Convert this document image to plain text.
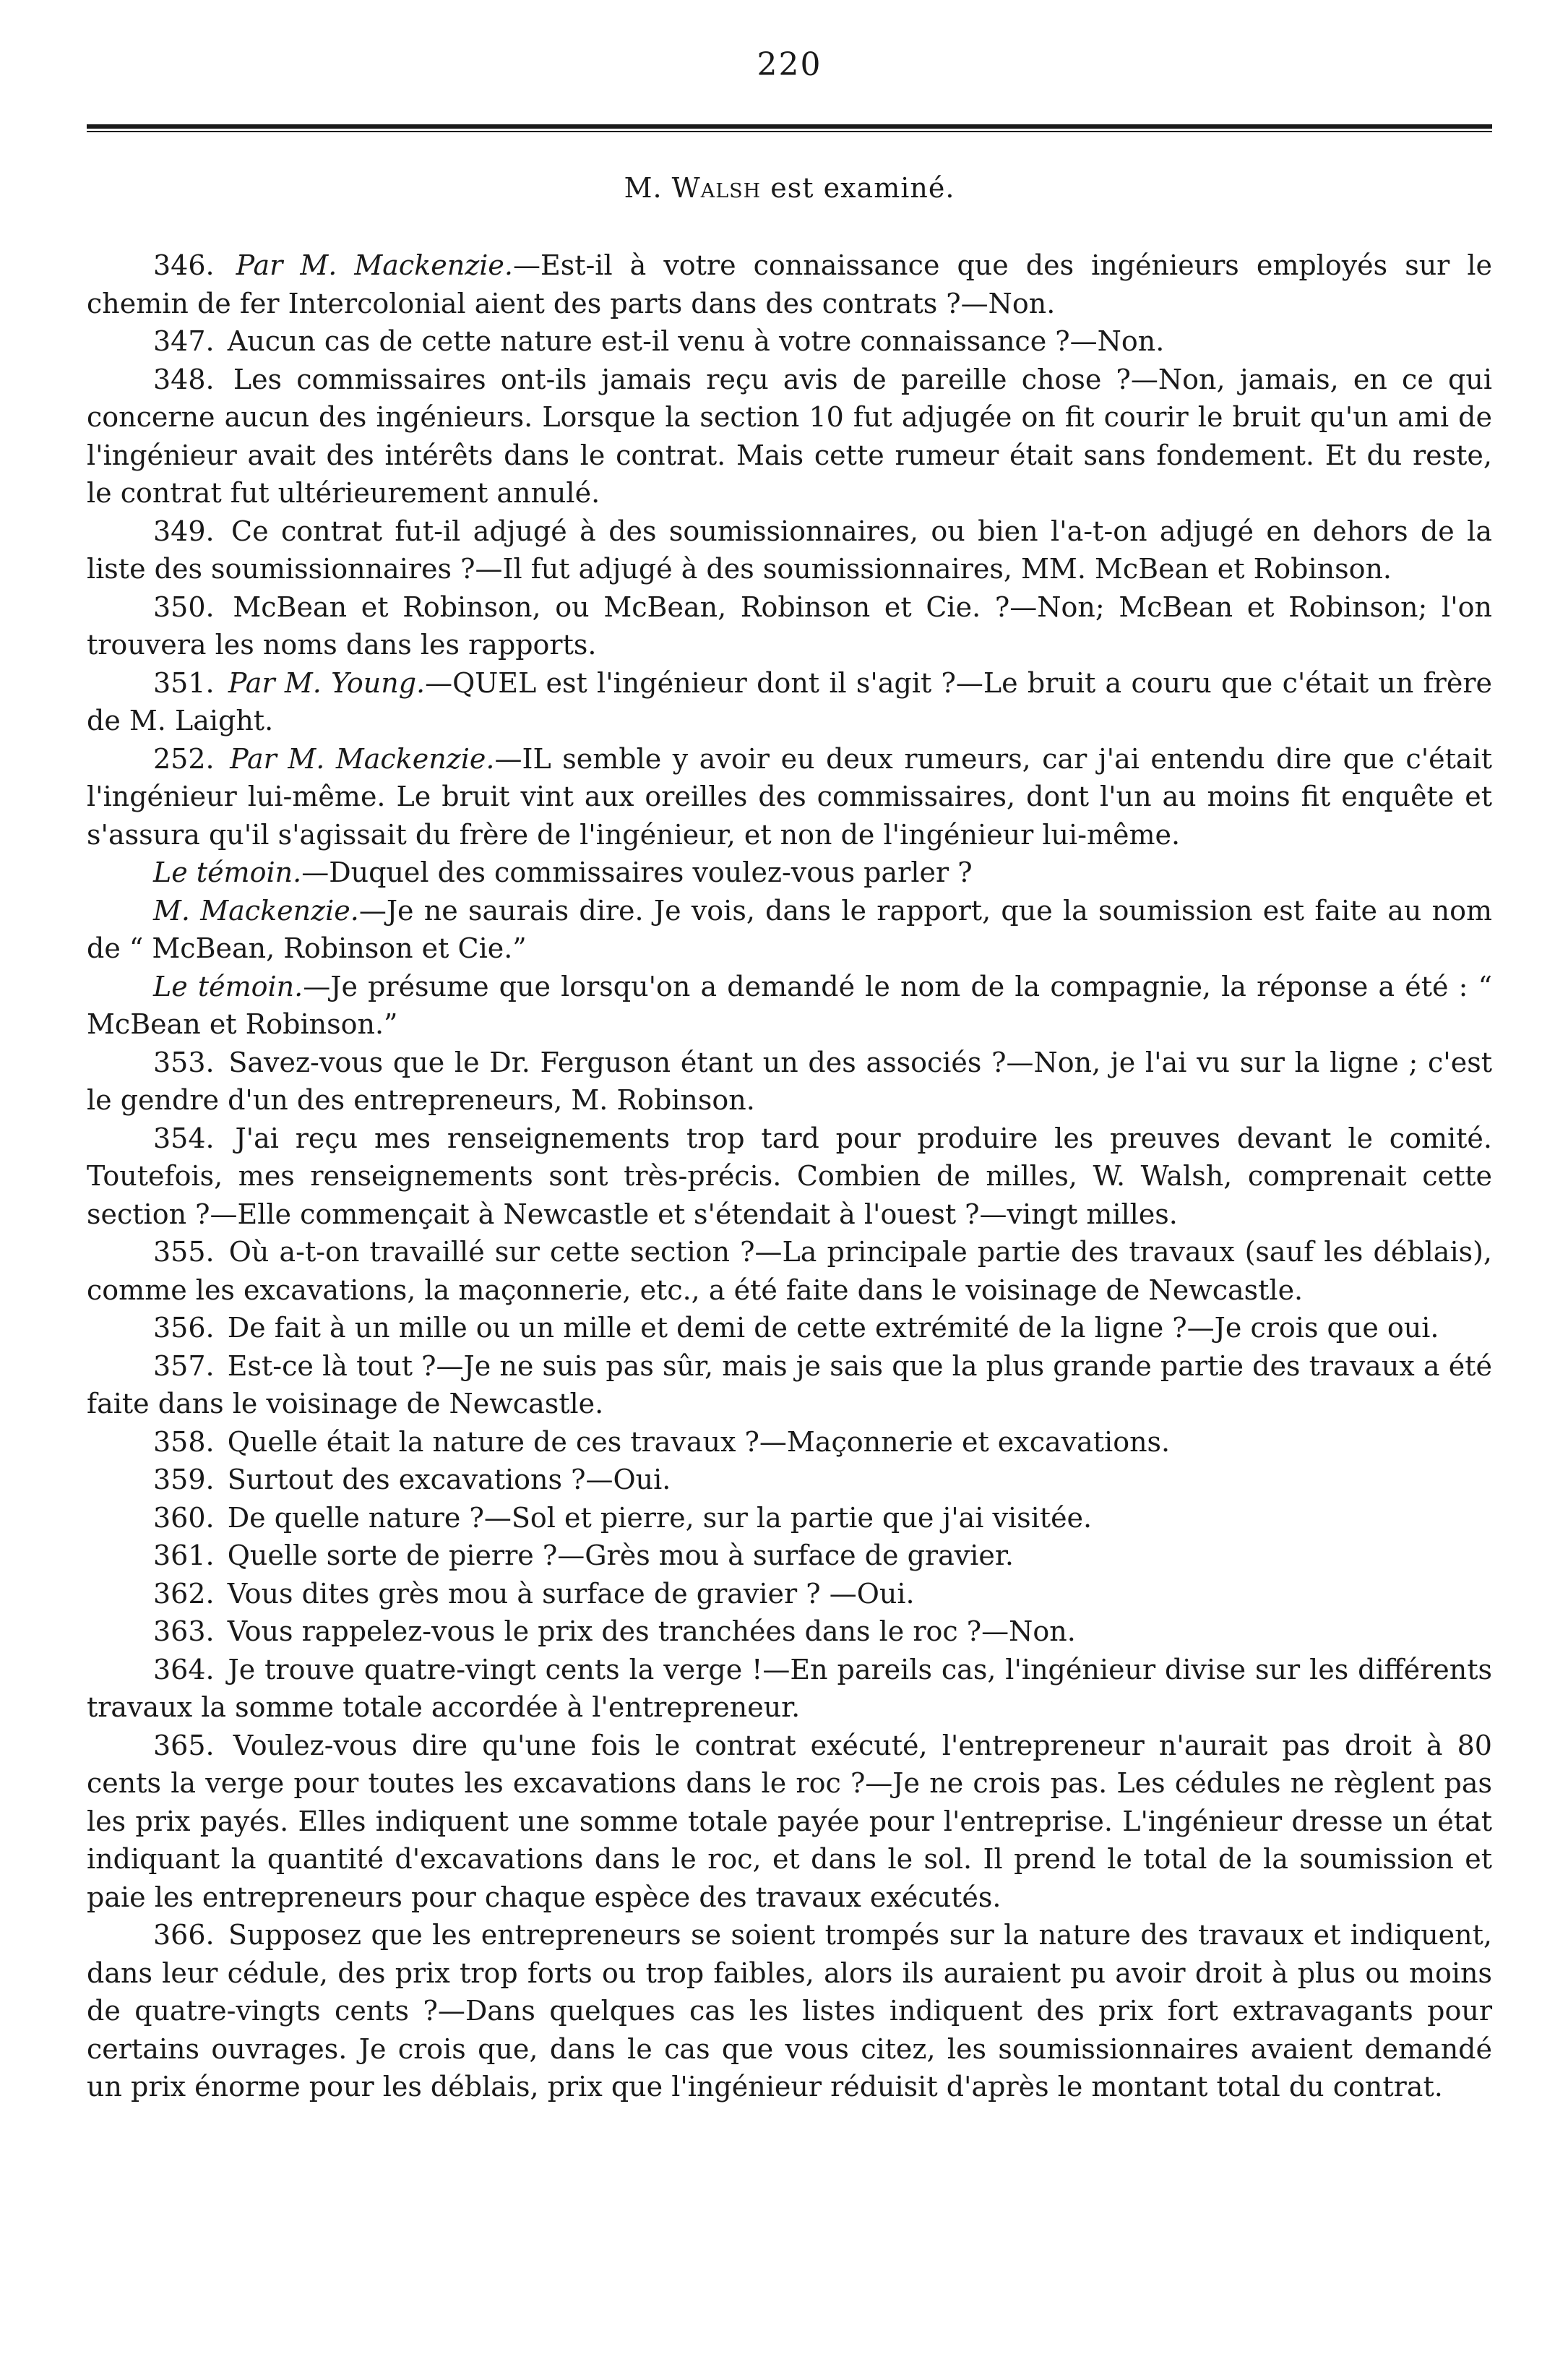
220
M. Walsh est examiné.

346. Par M. Mackenzie.—Est-il à votre connaissance que des ingénieurs employés sur le chemin de fer Intercolonial aient des parts dans des contrats ?—Non.

347. Aucun cas de cette nature est-il venu à votre connaissance ?—Non.

348. Les commissaires ont-ils jamais reçu avis de pareille chose ?—Non, jamais, en ce qui concerne aucun des ingénieurs. Lorsque la section 10 fut adjugée on fit courir le bruit qu'un ami de l'ingénieur avait des intérêts dans le contrat. Mais cette rumeur était sans fondement. Et du reste, le contrat fut ultérieurement annulé.

349. Ce contrat fut-il adjugé à des soumissionnaires, ou bien l'a-t-on adjugé en dehors de la liste des soumissionnaires ?—Il fut adjugé à des soumissionnaires, MM. McBean et Robinson.

350. McBean et Robinson, ou McBean, Robinson et Cie. ?—Non; McBean et Robinson; l'on trouvera les noms dans les rapports.

351. Par M. Young.—QUEL est l'ingénieur dont il s'agit ?—Le bruit a couru que c'était un frère de M. Laight.

252. Par M. Mackenzie.—IL semble y avoir eu deux rumeurs, car j'ai entendu dire que c'était l'ingénieur lui-même. Le bruit vint aux oreilles des commissaires, dont l'un au moins fit enquête et s'assura qu'il s'agissait du frère de l'ingénieur, et non de l'ingénieur lui-même.

Le témoin.—Duquel des commissaires voulez-vous parler ?

M. Mackenzie.—Je ne saurais dire. Je vois, dans le rapport, que la soumission est faite au nom de “ McBean, Robinson et Cie.”

Le témoin.—Je présume que lorsqu'on a demandé le nom de la compagnie, la réponse a été : “ McBean et Robinson.”

353. Savez-vous que le Dr. Ferguson étant un des associés ?—Non, je l'ai vu sur la ligne ; c'est le gendre d'un des entrepreneurs, M. Robinson.

354. J'ai reçu mes renseignements trop tard pour produire les preuves devant le comité. Toutefois, mes renseignements sont très-précis. Combien de milles, W. Walsh, comprenait cette section ?—Elle commençait à Newcastle et s'étendait à l'ouest ?—vingt milles.

355. Où a-t-on travaillé sur cette section ?—La principale partie des travaux (sauf les déblais), comme les excavations, la maçonnerie, etc., a été faite dans le voisinage de Newcastle.

356. De fait à un mille ou un mille et demi de cette extrémité de la ligne ?—Je crois que oui.

357. Est-ce là tout ?—Je ne suis pas sûr, mais je sais que la plus grande partie des travaux a été faite dans le voisinage de Newcastle.

358. Quelle était la nature de ces travaux ?—Maçonnerie et excavations.

359. Surtout des excavations ?—Oui.

360. De quelle nature ?—Sol et pierre, sur la partie que j'ai visitée.

361. Quelle sorte de pierre ?—Grès mou à surface de gravier.

362. Vous dites grès mou à surface de gravier ? —Oui.

363. Vous rappelez-vous le prix des tranchées dans le roc ?—Non.

364. Je trouve quatre-vingt cents la verge !—En pareils cas, l'ingénieur divise sur les différents travaux la somme totale accordée à l'entrepreneur.

365. Voulez-vous dire qu'une fois le contrat exécuté, l'entrepreneur n'aurait pas droit à 80 cents la verge pour toutes les excavations dans le roc ?—Je ne crois pas. Les cédules ne règlent pas les prix payés. Elles indiquent une somme totale payée pour l'entreprise. L'ingénieur dresse un état indiquant la quantité d'excavations dans le roc, et dans le sol. Il prend le total de la soumission et paie les entrepreneurs pour chaque espèce des travaux exécutés.

366. Supposez que les entrepreneurs se soient trompés sur la nature des travaux et indiquent, dans leur cédule, des prix trop forts ou trop faibles, alors ils auraient pu avoir droit à plus ou moins de quatre-vingts cents ?—Dans quelques cas les listes indiquent des prix fort extravagants pour certains ouvrages. Je crois que, dans le cas que vous citez, les soumissionnaires avaient demandé un prix énorme pour les déblais, prix que l'ingénieur réduisit d'après le montant total du contrat.
